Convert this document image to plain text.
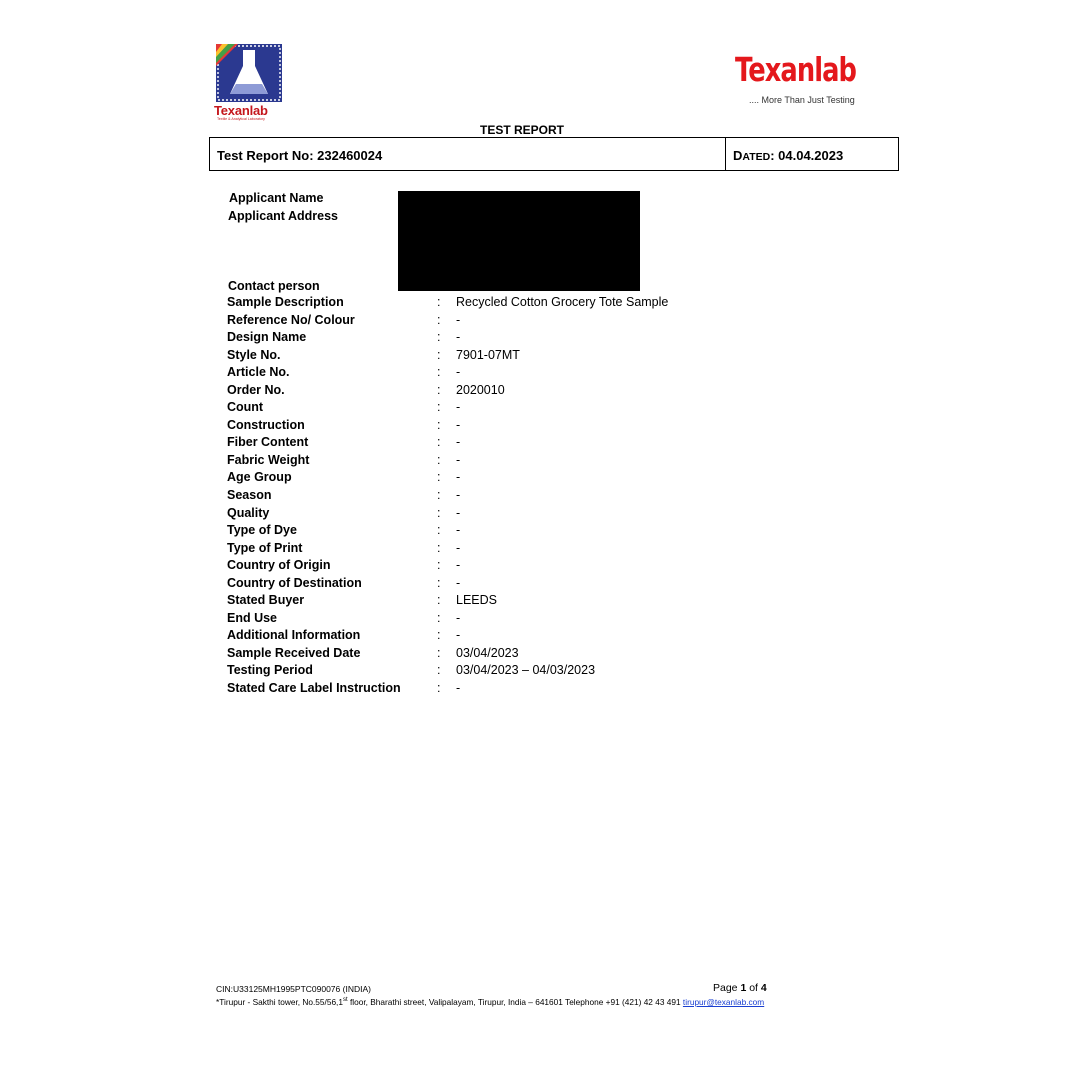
Texanlab
Textile & Analytical Laboratory
Texanlab
.... More Than Just Testing
TEST REPORT
Test Report No: 232460024	DATED: 04.04.2023
Applicant Name
Applicant Address
Contact person
Sample Description	: Recycled Cotton Grocery Tote Sample
Reference No/ Colour	: -
Design Name	: -
Style No.	: 7901-07MT
Article No.	: -
Order No.	: 2020010
Count	: -
Construction	: -
Fiber Content	: -
Fabric Weight	: -
Age Group	: -
Season	: -
Quality	: -
Type of Dye	: -
Type of Print	: -
Country of Origin	: -
Country of Destination	: -
Stated Buyer	: LEEDS
End Use	: -
Additional Information	: -
Sample Received Date	: 03/04/2023
Testing Period	: 03/04/2023 – 04/03/2023
Stated Care Label Instruction	: -
CIN:U33125MH1995PTC090076 (INDIA)	Page 1 of 4
*Tirupur - Sakthi tower, No.55/56,1st floor, Bharathi street, Valipalayam, Tirupur, India – 641601 Telephone +91 (421) 42 43 491 tirupur@texanlab.com
